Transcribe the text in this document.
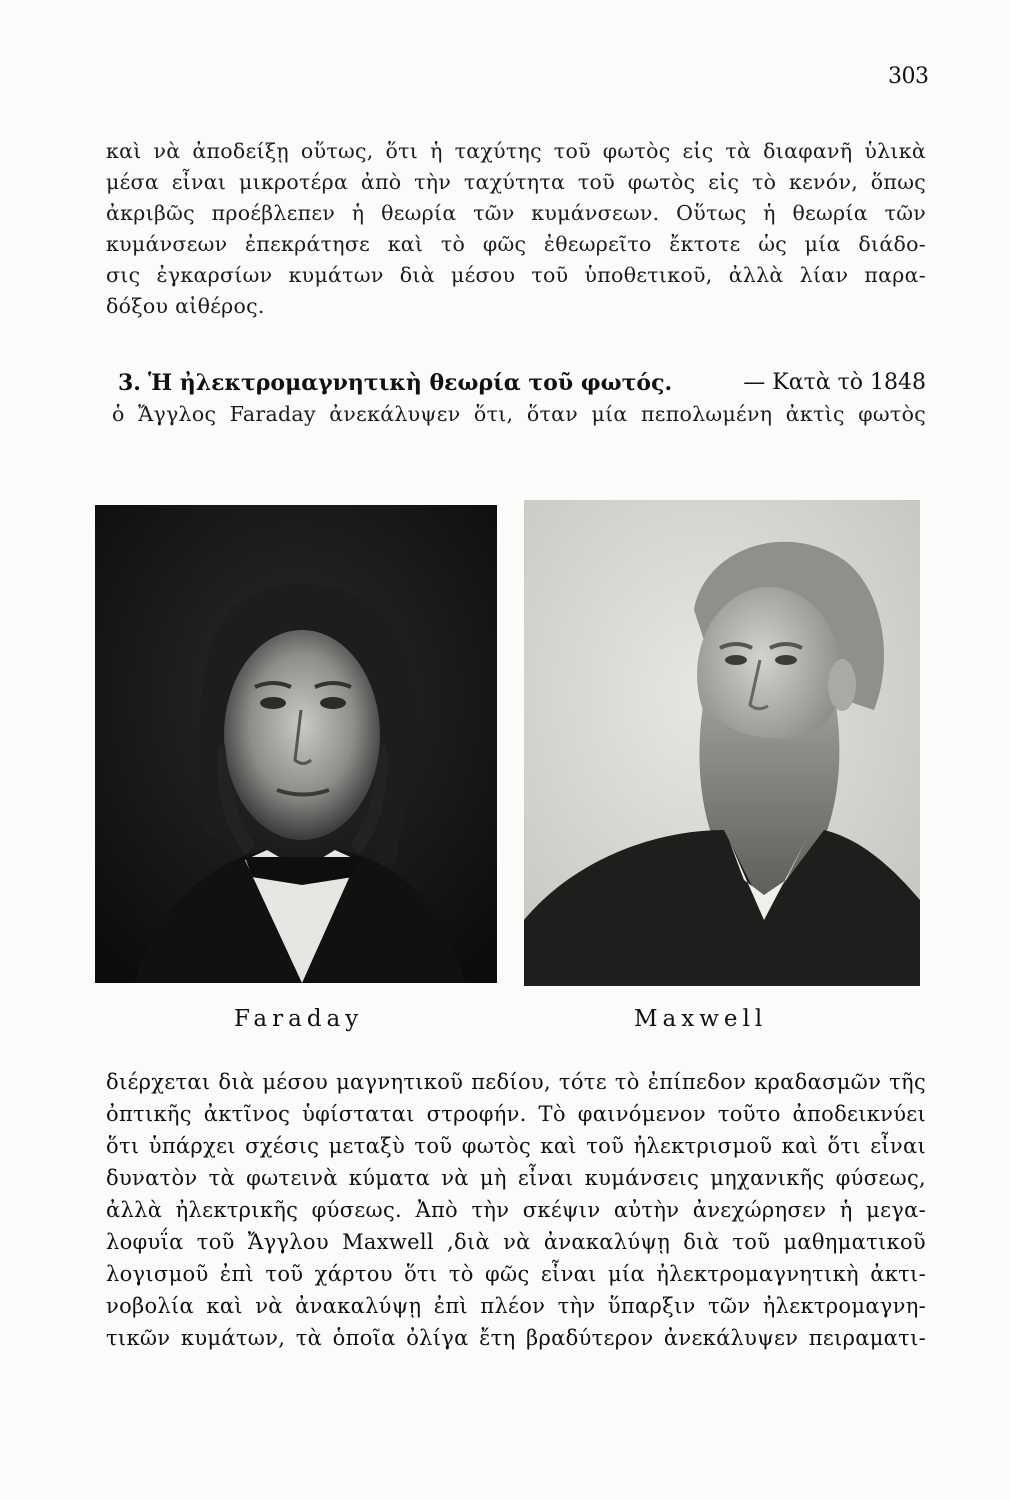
303
καὶ νὰ ἀποδείξῃ οὕτως, ὅτι ἡ ταχύτης τοῦ φωτὸς εἰς τὰ διαφανῆ ὑλικὰ
μέσα εἶναι μικροτέρα ἀπὸ τὴν ταχύτητα τοῦ φωτὸς εἰς τὸ κενόν, ὅπως
ἀκριβῶς προέβλεπεν ἡ θεωρία τῶν κυμάνσεων. Οὕτως ἡ θεωρία τῶν
κυμάνσεων ἐπεκράτησε καὶ τὸ φῶς ἐθεωρεῖτο ἔκτοτε ὡς μία διάδο-
σις ἐγκαρσίων κυμάτων διὰ μέσου τοῦ ὑποθετικοῦ, ἀλλὰ λίαν παρα-
δόξου αἰθέρος.
3. Ἡ ἠλεκτρομαγνητικὴ θεωρία τοῦ φωτός.	— Κατὰ τὸ 1848
ὁ Ἄγγλος Faraday ἀνεκάλυψεν ὅτι, ὅταν μία πεπολωμένη ἀκτὶς φωτὸς
Faraday	Maxwell
διέρχεται διὰ μέσου μαγνητικοῦ πεδίου, τότε τὸ ἐπίπεδον κραδασμῶν τῆς
ὀπτικῆς ἀκτῖνος ὑφίσταται στροφήν. Τὸ φαινόμενον τοῦτο ἀποδεικνύει
ὅτι ὑπάρχει σχέσις μεταξὺ τοῦ φωτὸς καὶ τοῦ ἠλεκτρισμοῦ καὶ ὅτι εἶναι
δυνατὸν τὰ φωτεινὰ κύματα νὰ μὴ εἶναι κυμάνσεις μηχανικῆς φύσεως,
ἀλλὰ ἠλεκτρικῆς φύσεως. Ἀπὸ τὴν σκέψιν αὐτὴν ἀνεχώρησεν ἡ μεγα-
λοφυΐα τοῦ Ἄγγλου Maxwell ,διὰ νὰ ἀνακαλύψῃ διὰ τοῦ μαθηματικοῦ
λογισμοῦ ἐπὶ τοῦ χάρτου ὅτι τὸ φῶς εἶναι μία ἠλεκτρομαγνητικὴ ἀκτι-
νοβολία καὶ νὰ ἀνακαλύψῃ ἐπὶ πλέον τὴν ὕπαρξιν τῶν ἠλεκτρομαγνη-
τικῶν κυμάτων, τὰ ὁποῖα ὀλίγα ἔτη βραδύτερον ἀνεκάλυψεν πειραματι-
